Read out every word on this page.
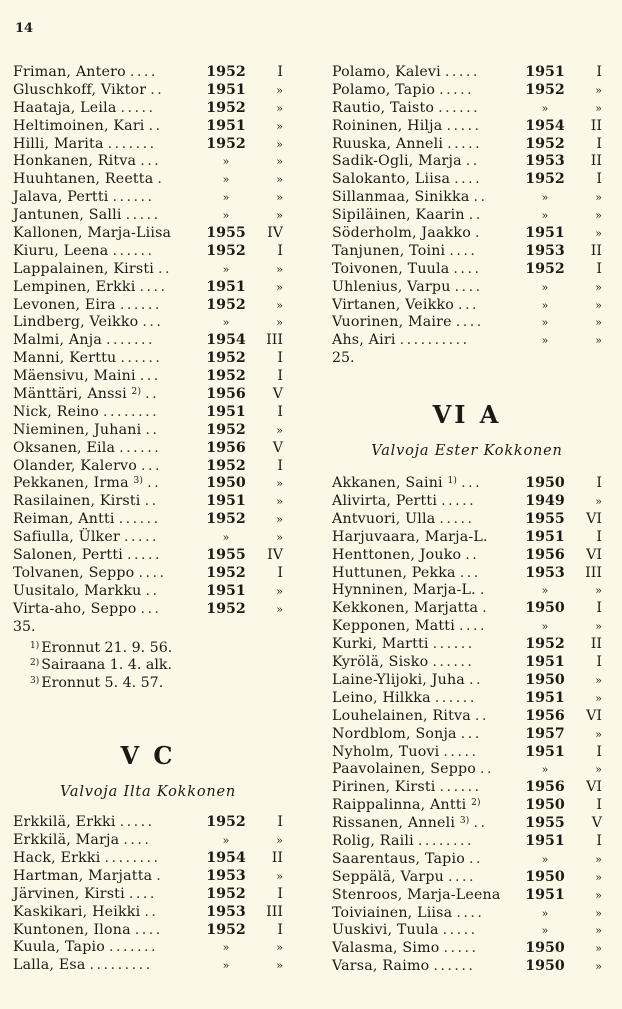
14
Friman, Antero ....	1952	I
Gluschkoff, Viktor ..	1951	»
Haataja, Leila .....	1952	»
Heltimoinen, Kari ..	1951	»
Hilli, Marita .......	1952	»
Honkanen, Ritva ...	»	»
Huuhtanen, Reetta .	»	»
Jalava, Pertti ......	»	»
Jantunen, Salli .....	»	»
Kallonen, Marja-Liisa 1955	IV
Kiuru, Leena ......	1952	I
Lappalainen, Kirsti ..	»	»
Lempinen, Erkki ....	1951	»
Levonen, Eira ......	1952	»
Lindberg, Veikko ...	»	»
Malmi, Anja .......	1954	III
Manni, Kerttu ......	1952	I
Mäensivu, Maini ...	1952	I
Mänttäri, Anssi $^{2)}$ ..	1956	V
Nick, Reino ........	1951	I
Nieminen, Juhani ..	1952	»
Oksanen, Eila ......	1956	V
Olander, Kalervo ...	1952	I
Pekkanen, Irma $^{3)}$ ..	1950	»
Rasilainen, Kirsti ..	1951	»
Reiman, Antti ......	1952	»
Safiulla, Ülker .....	»	»
Salonen, Pertti .....	1955	IV
Tolvanen, Seppo ....	1952	I
Uusitalo, Markku ..	1951	»
Virta-aho, Seppo ...	1952	»
35.
$^{1)}$ Eronnut 21. 9. 56.
$^{2)}$ Sairaana 1. 4. alk.
$^{3)}$ Eronnut 5. 4. 57.
V C
Valvoja Ilta Kokkonen
Erkkilä, Erkki .....	1952	I
Erkkilä, Marja ....	»	»
Hack, Erkki ........	1954	II
Hartman, Marjatta .	1953	»
Järvinen, Kirsti ....	1952	I
Kaskikari, Heikki ..	1953	III
Kuntonen, Ilona ....	1952	I
Kuula, Tapio .......	»	»
Lalla, Esa .........	»	»
Polamo, Kalevi .....	1951	I
Polamo, Tapio .....	1952	»
Rautio, Taisto ......	»	»
Roininen, Hilja .....	1954	II
Ruuska, Anneli .....	1952	I
Sadik-Ogli, Marja ..	1953	II
Salokanto, Liisa ....	1952	I
Sillanmaa, Sinikka ..	»	»
Sipiläinen, Kaarin ..	»	»
Söderholm, Jaakko .	1951	»
Tanjunen, Toini ....	1953	II
Toivonen, Tuula ....	1952	I
Uhlenius, Varpu ....	»	»
Virtanen, Veikko ...	»	»
Vuorinen, Maire ....	»	»
Ahs, Airi ..........	»	»
25.
VI A
Valvoja Ester Kokkonen
Akkanen, Saini $^{1)}$ ...	1950	I
Alivirta, Pertti .....	1949	»
Antvuori, Ulla .....	1955	VI
Harjuvaara, Marja-L.	1951	I
Henttonen, Jouko ..	1956	VI
Huttunen, Pekka ...	1953	III
Hynninen, Marja-L. .	»	»
Kekkonen, Marjatta .	1950	I
Kepponen, Matti ....	»	»
Kurki, Martti ......	1952	II
Kyrölä, Sisko ......	1951	I
Laine-Ylijoki, Juha ..	1950	»
Leino, Hilkka ......	1951	»
Louhelainen, Ritva ..	1956	VI
Nordblom, Sonja ...	1957	»
Nyholm, Tuovi .....	1951	I
Paavolainen, Seppo ..	»	»
Pirinen, Kirsti ......	1956	VI
Raippalinna, Antti $^{2)}$	1950	I
Rissanen, Anneli $^{3)}$ ..	1955	V
Rolig, Raili ........	1951	I
Saarentaus, Tapio ..	»	»
Seppälä, Varpu ....	1950	»
Stenroos, Marja-Leena 1951	»
Toiviainen, Liisa ....	»	»
Uuskivi, Tuula .....	»	»
Valasma, Simo .....	1950	»
Varsa, Raimo ......	1950	»
